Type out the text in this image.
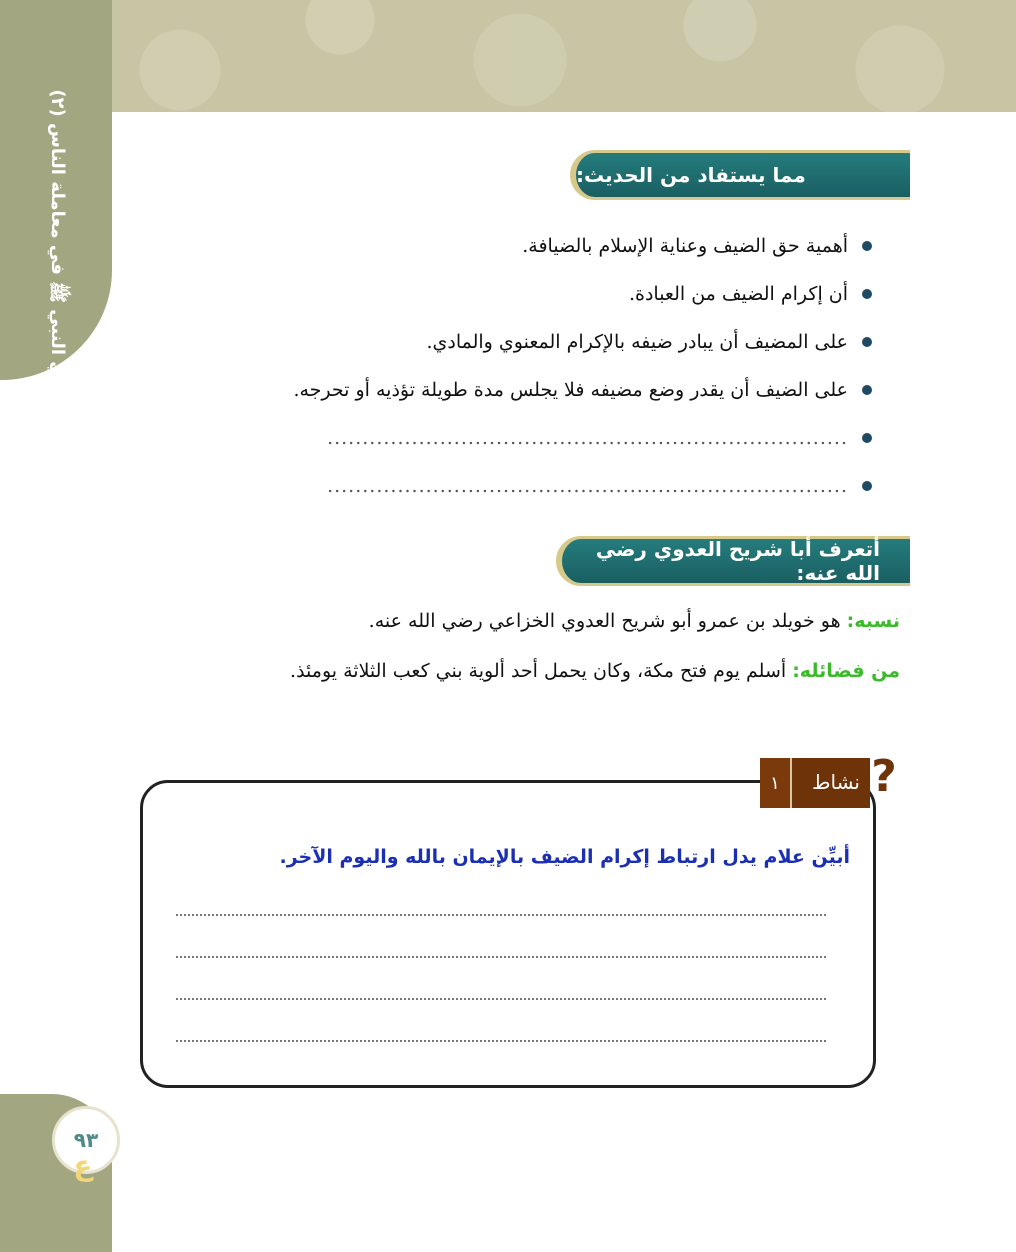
هدي النبي ﷺ في معاملة الناس (٢)	مما يستفاد من الحديث:
أهمية حق الضيف وعناية الإسلام بالضيافة.
أن إكرام الضيف من العبادة.
على المضيف أن يبادر ضيفه بالإكرام المعنوي والمادي.
على الضيف أن يقدر وضع مضيفه فلا يجلس مدة طويلة تؤذيه أو تحرجه.
..........................................................................
..........................................................................
أتعرف أبا شريح العدوي رضي الله عنه:
نسبه: هو خويلد بن عمرو أبو شريح العدوي الخزاعي رضي الله عنه.
من فضائله: أسلم يوم فتح مكة، وكان يحمل أحد ألوية بني كعب الثلاثة يومئذ.
١	نشاط ?
أبيِّن علام يدل ارتباط إكرام الضيف بالإيمان بالله واليوم الآخر.
٩٣
ع
